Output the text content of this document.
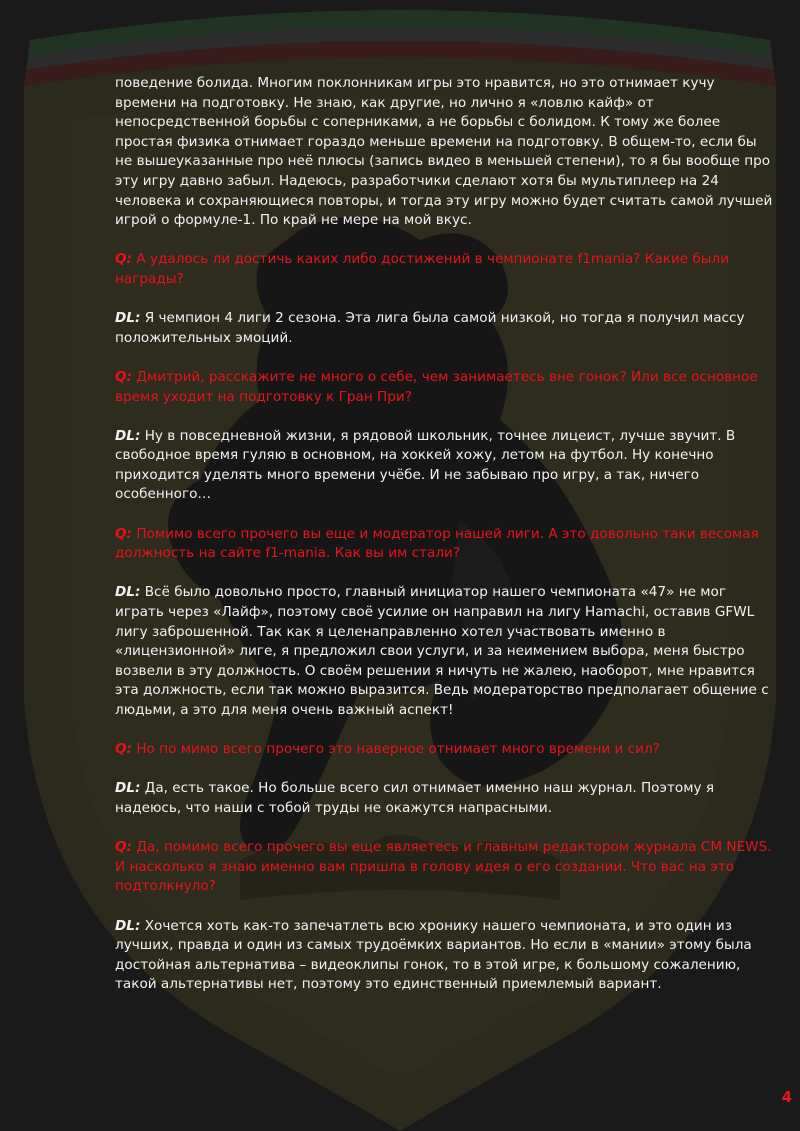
поведение болида. Многим поклонникам игры это нравится, но это отнимает кучу времени на подготовку. Не знаю, как другие, но лично я «ловлю кайф» от непосредственной борьбы с соперниками, а не борьбы с болидом. К тому же более простая физика отнимает гораздо меньше времени на подготовку. В общем-то, если бы не вышеуказанные про неё плюсы (запись видео в меньшей степени), то я бы вообще про эту игру давно забыл. Надеюсь, разработчики сделают хотя бы мультиплеер на 24 человека и сохраняющиеся повторы, и тогда эту игру можно будет считать самой лучшей игрой о формуле-1. По край не мере на мой вкус.

Q: А удалось ли достичь каких либо достижений в чемпионате f1mania? Какие были награды?

DL: Я чемпион 4 лиги 2 сезона. Эта лига была самой низкой, но тогда я получил массу положительных эмоций.

Q: Дмитрий, расскажите не много о себе, чем занимаетесь вне гонок? Или все основное время уходит на подготовку к Гран При?

DL: Ну в повседневной жизни, я рядовой школьник, точнее лицеист, лучше звучит. В свободное время гуляю в основном, на хоккей хожу, летом на футбол. Ну конечно приходится уделять много времени учёбе. И не забываю про игру, а так, ничего особенного…

Q: Помимо всего прочего вы еще и модератор нашей лиги. А это довольно таки весомая должность на сайте f1-mania. Как вы им стали?

DL: Всё было довольно просто, главный инициатор нашего чемпионата «47» не мог играть через «Лайф», поэтому своё усилие он направил на лигу Hamachi, оставив GFWL лигу заброшенной. Так как я целенаправленно хотел участвовать именно в «лицензионной» лиге, я предложил свои услуги, и за неимением выбора, меня быстро возвели в эту должность. О своём решении я ничуть не жалею, наоборот, мне нравится эта должность, если так можно выразится. Ведь модераторство предполагает общение с людьми, а это для меня очень важный аспект!

Q: Но по мимо всего прочего это наверное отнимает много времени и сил?

DL: Да, есть такое. Но больше всего сил отнимает именно наш журнал. Поэтому я надеюсь, что наши с тобой труды не окажутся напрасными.

Q: Да, помимо всего прочего вы еще являетесь и главным редактором журнала CM NEWS. И насколько я знаю именно вам пришла в голову идея о его создании. Что вас на это подтолкнуло?

DL: Хочется хоть как-то запечатлеть всю хронику нашего чемпионата, и это один из лучших, правда и один из самых трудоёмких вариантов. Но если в «мании» этому была достойная альтернатива – видеоклипы гонок, то в этой игре, к большому сожалению, такой альтернативы нет, поэтому это единственный приемлемый вариант.

4
